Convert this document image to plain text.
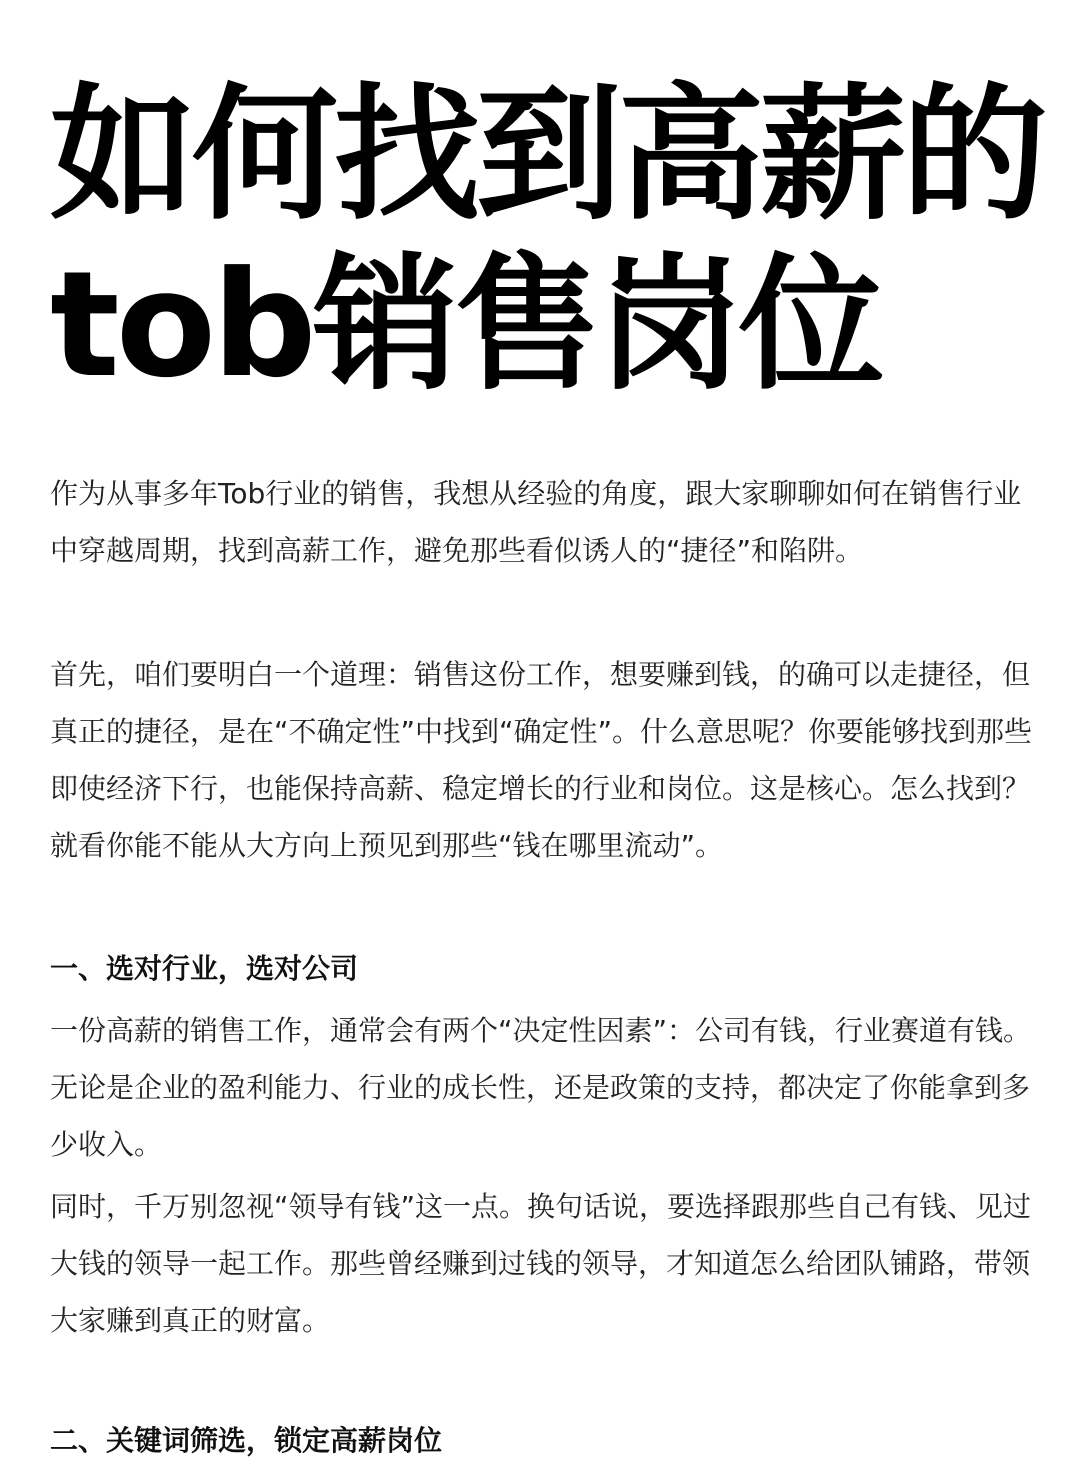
如何找到高薪的
tob销售岗位

作为从事多年Tob行业的销售，我想从经验的角度，跟大家聊聊如何在销售行业中穿越周期，找到高薪工作，避免那些看似诱人的“捷径”和陷阱。

首先，咱们要明白一个道理：销售这份工作，想要赚到钱，的确可以走捷径，但真正的捷径，是在“不确定性”中找到“确定性”。什么意思呢？你要能够找到那些即使经济下行，也能保持高薪、稳定增长的行业和岗位。这是核心。怎么找到？就看你能不能从大方向上预见到那些“钱在哪里流动”。

一、选对行业，选对公司

一份高薪的销售工作，通常会有两个“决定性因素”：公司有钱，行业赛道有钱。无论是企业的盈利能力、行业的成长性，还是政策的支持，都决定了你能拿到多少收入。

同时，千万别忽视“领导有钱”这一点。换句话说，要选择跟那些自己有钱、见过大钱的领导一起工作。那些曾经赚到过钱的领导，才知道怎么给团队铺路，带领大家赚到真正的财富。

二、关键词筛选，锁定高薪岗位
